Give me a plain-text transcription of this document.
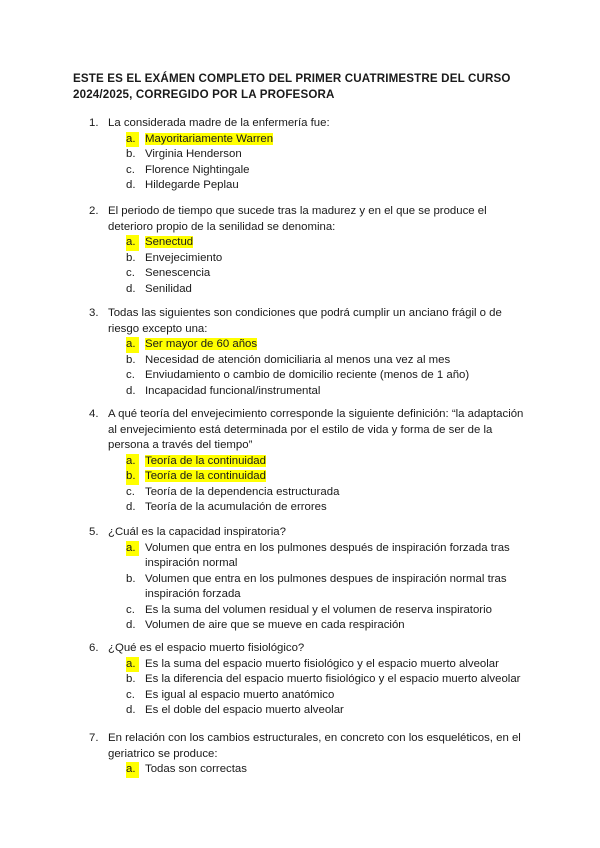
ESTE ES EL EXÁMEN COMPLETO DEL PRIMER CUATRIMESTRE DEL CURSO 2024/2025, CORREGIDO POR LA PROFESORA
1. La considerada madre de la enfermería fue:
a. Mayoritariamente Warren
b. Virginia Henderson
c. Florence Nightingale
d. Hildegarde Peplau
2. El periodo de tiempo que sucede tras la madurez y en el que se produce el deterioro propio de la senilidad se denomina:
a. Senectud
b. Envejecimiento
c. Senescencia
d. Senilidad
3. Todas las siguientes son condiciones que podrá cumplir un anciano frágil o de riesgo excepto una:
a. Ser mayor de 60 años
b. Necesidad de atención domiciliaria al menos una vez al mes
c. Enviudamiento o cambio de domicilio reciente (menos de 1 año)
d. Incapacidad funcional/instrumental
4. A qué teoría del envejecimiento corresponde la siguiente definición: “la adaptación al envejecimiento está determinada por el estilo de vida y forma de ser de la persona a través del tiempo”
a. Teoría de la continuidad
b. Teoría de la continuidad
c. Teoría de la dependencia estructurada
d. Teoría de la acumulación de errores
5. ¿Cuál es la capacidad inspiratoria?
a. Volumen que entra en los pulmones después de inspiración forzada tras inspiración normal
b. Volumen que entra en los pulmones despues de inspiración normal tras inspiración forzada
c. Es la suma del volumen residual y el volumen de reserva inspiratorio
d. Volumen de aire que se mueve en cada respiración
6. ¿Qué es el espacio muerto fisiológico?
a. Es la suma del espacio muerto fisiológico y el espacio muerto alveolar
b. Es la diferencia del espacio muerto fisiológico y el espacio muerto alveolar
c. Es igual al espacio muerto anatómico
d. Es el doble del espacio muerto alveolar
7. En relación con los cambios estructurales, en concreto con los esqueléticos, en el geriatrico se produce:
a. Todas son correctas
